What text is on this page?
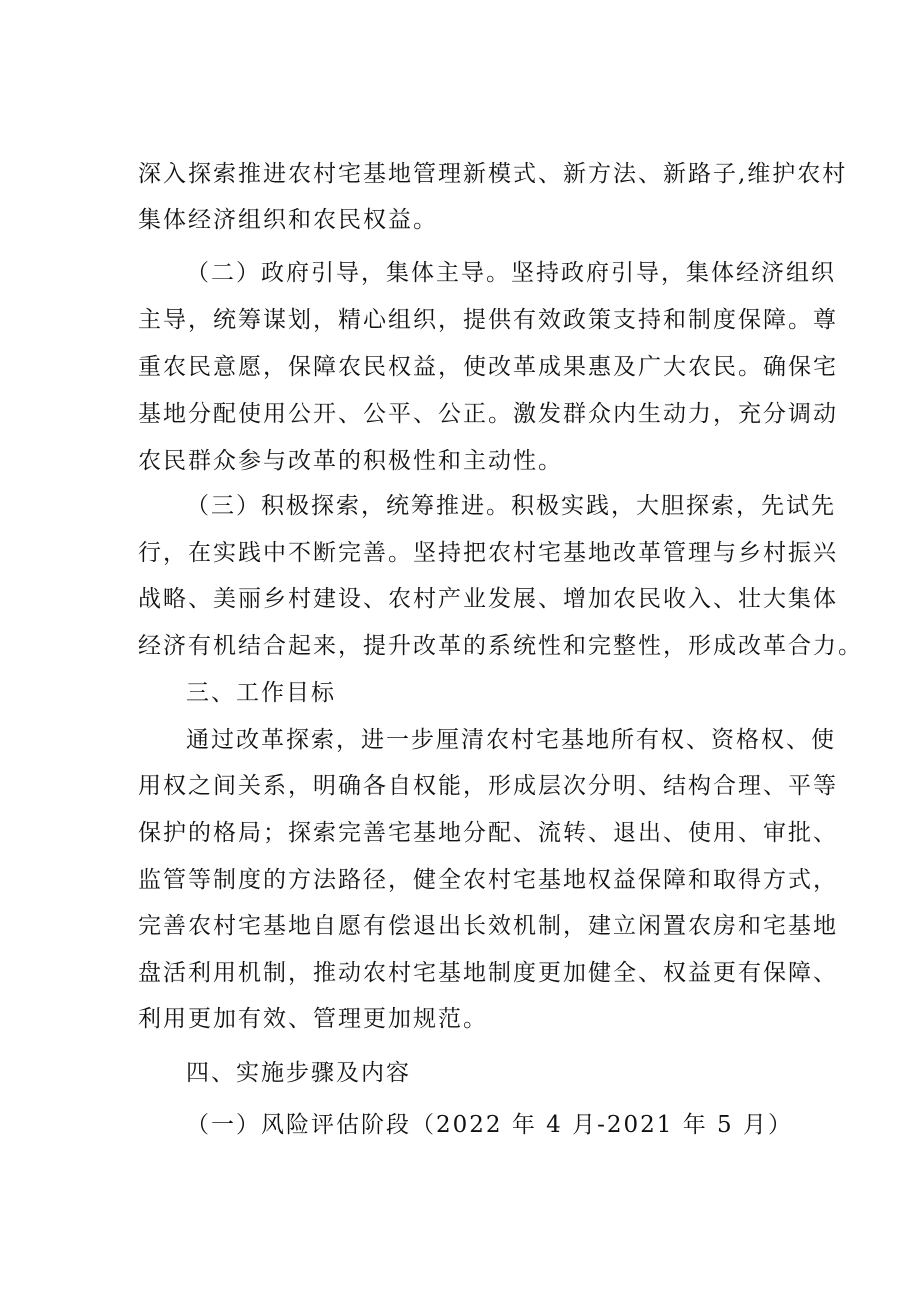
深入探索推进农村宅基地管理新模式、新方法、新路子,维护农村
集体经济组织和农民权益。
（二）政府引导，集体主导。坚持政府引导，集体经济组织
主导，统筹谋划，精心组织，提供有效政策支持和制度保障。尊
重农民意愿，保障农民权益，使改革成果惠及广大农民。确保宅
基地分配使用公开、公平、公正。激发群众内生动力，充分调动
农民群众参与改革的积极性和主动性。
（三）积极探索，统筹推进。积极实践，大胆探索，先试先
行，在实践中不断完善。坚持把农村宅基地改革管理与乡村振兴
战略、美丽乡村建设、农村产业发展、增加农民收入、壮大集体
经济有机结合起来，提升改革的系统性和完整性，形成改革合力。
三、工作目标
通过改革探索，进一步厘清农村宅基地所有权、资格权、使
用权之间关系，明确各自权能，形成层次分明、结构合理、平等
保护的格局；探索完善宅基地分配、流转、退出、使用、审批、
监管等制度的方法路径，健全农村宅基地权益保障和取得方式，
完善农村宅基地自愿有偿退出长效机制，建立闲置农房和宅基地
盘活利用机制，推动农村宅基地制度更加健全、权益更有保障、
利用更加有效、管理更加规范。
四、实施步骤及内容
（一）风险评估阶段（2022 年 4 月-2021 年 5 月）
